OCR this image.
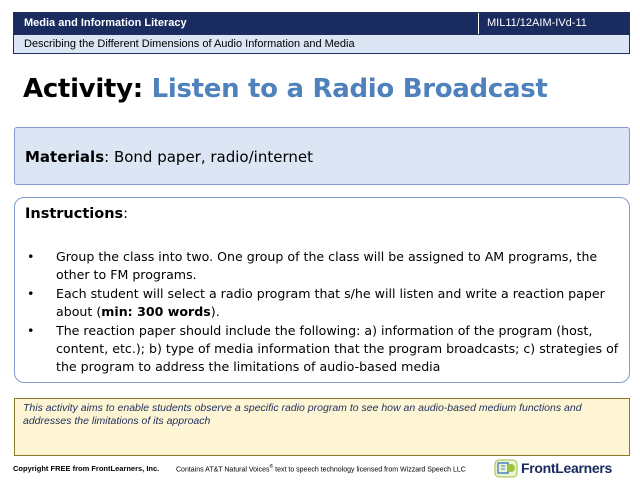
Media and Information Literacy	MIL11/12AIM-IVd-11
Describing the Different Dimensions of Audio Information and Media
Activity: Listen to a Radio Broadcast
Materials: Bond paper, radio/internet
Instructions:
• Group the class into two. One group of the class will be assigned to AM programs, the other to FM programs.
• Each student will select a radio program that s/he will listen and write a reaction paper about (min: 300 words).
• The reaction paper should include the following: a) information of the program (host, content, etc.); b) type of media information that the program broadcasts; c) strategies of the program to address the limitations of audio-based media
This activity aims to enable students observe a specific radio program to see how an audio-based medium functions and addresses the limitations of its approach
Copyright FREE from FrontLearners, Inc. Contains AT&T Natural Voices® text to speech technology licensed from Wizzard Speech LLC	FrontLearners
